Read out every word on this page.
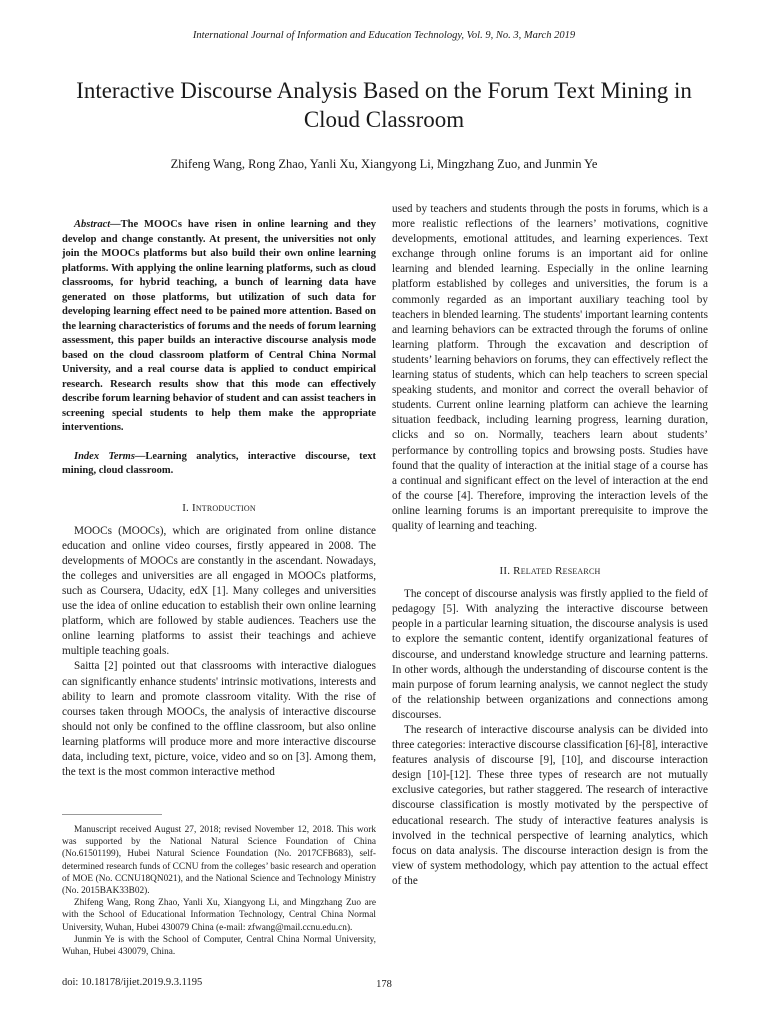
International Journal of Information and Education Technology, Vol. 9, No. 3, March 2019
Interactive Discourse Analysis Based on the Forum Text Mining in Cloud Classroom
Zhifeng Wang, Rong Zhao, Yanli Xu, Xiangyong Li, Mingzhang Zuo, and Junmin Ye

Abstract—The MOOCs have risen in online learning and they develop and change constantly. At present, the universities not only join the MOOCs platforms but also build their own online learning platforms. With applying the online learning platforms, such as cloud classrooms, for hybrid teaching, a bunch of learning data have generated on those platforms, but utilization of such data for developing learning effect need to be pained more attention. Based on the learning characteristics of forums and the needs of forum learning assessment, this paper builds an interactive discourse analysis mode based on the cloud classroom platform of Central China Normal University, and a real course data is applied to conduct empirical research. Research results show that this mode can effectively describe forum learning behavior of student and can assist teachers in screening special students to help them make the appropriate interventions.

Index Terms—Learning analytics, interactive discourse, text mining, cloud classroom.

I. Introduction

MOOCs (MOOCs), which are originated from online distance education and online video courses, firstly appeared in 2008. The developments of MOOCs are constantly in the ascendant. Nowadays, the colleges and universities are all engaged in MOOCs platforms, such as Coursera, Udacity, edX [1]. Many colleges and universities use the idea of online education to establish their own online learning platform, which are followed by stable audiences. Teachers use the online learning platforms to assist their teachings and achieve multiple teaching goals.

Saitta [2] pointed out that classrooms with interactive dialogues can significantly enhance students' intrinsic motivations, interests and ability to learn and promote classroom vitality. With the rise of courses taken through MOOCs, the analysis of interactive discourse should not only be confined to the offline classroom, but also online learning platforms will produce more and more interactive discourse data, including text, picture, voice, video and so on [3]. Among them, the text is the most common interactive method

used by teachers and students through the posts in forums, which is a more realistic reflections of the learners’ motivations, cognitive developments, emotional attitudes, and learning experiences. Text exchange through online forums is an important aid for online learning and blended learning. Especially in the online learning platform established by colleges and universities, the forum is a commonly regarded as an important auxiliary teaching tool by teachers in blended learning. The students' important learning contents and learning behaviors can be extracted through the forums of online learning platform. Through the excavation and description of students’ learning behaviors on forums, they can effectively reflect the learning status of students, which can help teachers to screen special speaking students, and monitor and correct the overall behavior of students. Current online learning platform can achieve the learning situation feedback, including learning progress, learning duration, clicks and so on. Normally, teachers learn about students’ performance by controlling topics and browsing posts. Studies have found that the quality of interaction at the initial stage of a course has a continual and significant effect on the level of interaction at the end of the course [4]. Therefore, improving the interaction levels of the online learning forums is an important prerequisite to improve the quality of learning and teaching.

II. Related Research

The concept of discourse analysis was firstly applied to the field of pedagogy [5]. With analyzing the interactive discourse between people in a particular learning situation, the discourse analysis is used to explore the semantic content, identify organizational features of discourse, and understand knowledge structure and learning patterns. In other words, although the understanding of discourse content is the main purpose of forum learning analysis, we cannot neglect the study of the relationship between organizations and connections among discourses.

The research of interactive discourse analysis can be divided into three categories: interactive discourse classification [6]-[8], interactive features analysis of discourse [9], [10], and discourse interaction design [10]-[12]. These three types of research are not mutually exclusive categories, but rather staggered. The research of interactive discourse classification is mostly motivated by the perspective of educational research. The study of interactive features analysis is involved in the technical perspective of learning analytics, which focus on data analysis. The discourse interaction design is from the view of system methodology, which pay attention to the actual effect of the

Manuscript received August 27, 2018; revised November 12, 2018. This work was supported by the National Natural Science Foundation of China (No.61501199), Hubei Natural Science Foundation (No. 2017CFB683), self-determined research funds of CCNU from the colleges’ basic research and operation of MOE (No. CCNU18QN021), and the National Science and Technology Ministry (No. 2015BAK33B02).

Zhifeng Wang, Rong Zhao, Yanli Xu, Xiangyong Li, and Mingzhang Zuo are with the School of Educational Information Technology, Central China Normal University, Wuhan, Hubei 430079 China (e-mail: zfwang@mail.ccnu.edu.cn).

Junmin Ye is with the School of Computer, Central China Normal University, Wuhan, Hubei 430079, China.

doi: 10.18178/ijiet.2019.9.3.1195	178
